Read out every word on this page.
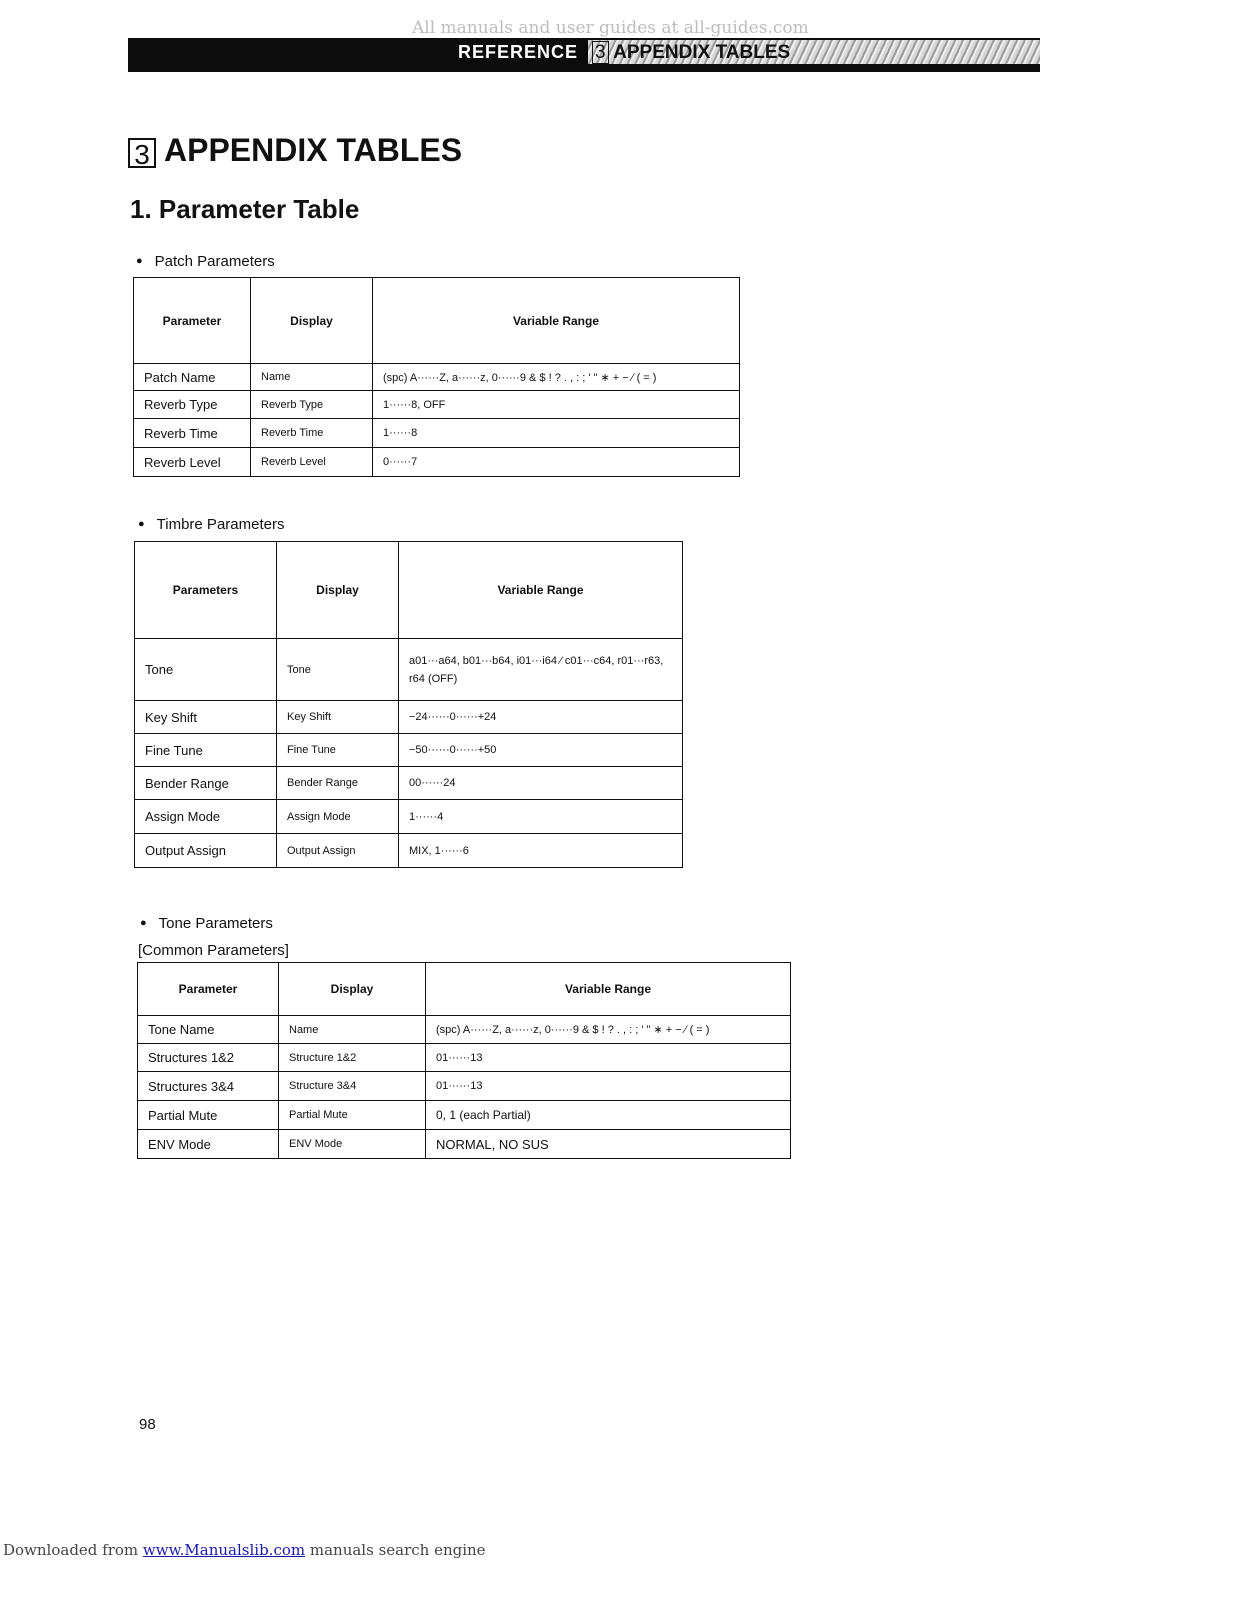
All manuals and user guides at all-guides.com
REFERENCE 3 APPENDIX TABLES
3 APPENDIX TABLES
1. Parameter Table
● Patch Parameters
Parameter	Display	Variable Range
Patch Name	Name	(spc) A······Z, a······z, 0······9 & $ ! ? . , : ; ' " ∗ + − ⁄ ( = )
Reverb Type	Reverb Type	1······8, OFF
Reverb Time	Reverb Time	1······8
Reverb Level	Reverb Level	0······7
● Timbre Parameters
Parameters	Display	Variable Range
Tone	Tone	a01···a64, b01···b64, i01···i64 ⁄ c01···c64, r01···r63, r64 (OFF)
Key Shift	Key Shift	−24······0······+24
Fine Tune	Fine Tune	−50······0······+50
Bender Range	Bender Range	00······24
Assign Mode	Assign Mode	1······4
Output Assign	Output Assign	MIX, 1······6
● Tone Parameters
[Common Parameters]
Parameter	Display	Variable Range
Tone Name	Name	(spc) A······Z, a······z, 0······9 & $ ! ? . , : ; ' " ∗ + − ⁄ ( = )
Structures 1&2	Structure 1&2	01······13
Structures 3&4	Structure 3&4	01······13
Partial Mute	Partial Mute	0, 1 (each Partial)
ENV Mode	ENV Mode	NORMAL, NO SUS
98
Downloaded from www.Manualslib.com manuals search engine
